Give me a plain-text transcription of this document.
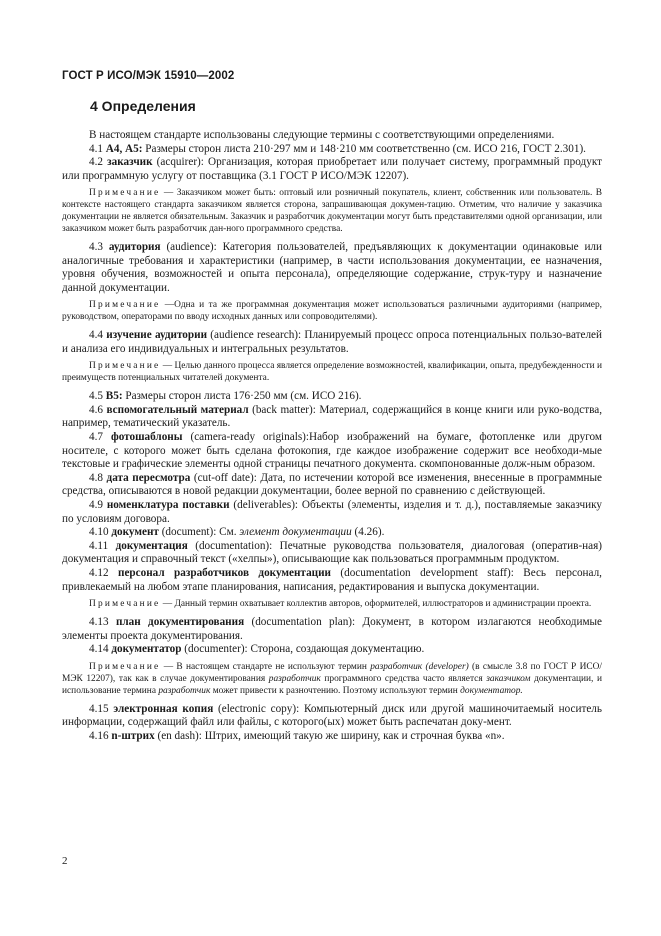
ГОСТ Р ИСО/МЭК 15910—2002
4 Определения

В настоящем стандарте использованы следующие термины с соответствующими определениями.

4.1 А4, А5: Размеры сторон листа 210·297 мм и 148·210 мм соответственно (см. ИСО 216, ГОСТ 2.301).

4.2 заказчик (acquirer): Организация, которая приобретает или получает систему, программный продукт или программную услугу от поставщика (3.1 ГОСТ Р ИСО/МЭК 12207).

Примечание — Заказчиком может быть: оптовый или розничный покупатель, клиент, собственник или пользователь. В контексте настоящего стандарта заказчиком является сторона, запрашивающая докумен-тацию. Отметим, что наличие у заказчика документации не является обязательным. Заказчик и разработчик документации могут быть представителями одной организации, или заказчиком может быть разработчик дан-ного программного средства.

4.3 аудитория (audience): Категория пользователей, предъявляющих к документации одинаковые или аналогичные требования и характеристики (например, в части использования документации, ее назначения, уровня обучения, возможностей и опыта персонала), определяющие содержание, струк-туру и назначение данной документации.

Примечание —Одна и та же программная документация может использоваться различными аудиториями (например, руководством, операторами по вводу исходных данных или сопроводителями).

4.4 изучение аудитории (audience research): Планируемый процесс опроса потенциальных пользо-вателей и анализа его индивидуальных и интегральных результатов.

Примечание — Целью данного процесса является определение возможностей, квалификации, опыта, предубежденности и преимуществ потенциальных читателей документа.

4.5 В5: Размеры сторон листа 176·250 мм (см. ИСО 216).

4.6 вспомогательный материал (back matter): Материал, содержащийся в конце книги или руко-водства, например, тематический указатель.

4.7 фотошаблоны (camera-ready originals):Набор изображений на бумаге, фотопленке или другом носителе, с которого может быть сделана фотокопия, где каждое изображение содержит все необходи-мые текстовые и графические элементы одной страницы печатного документа. скомпонованные долж-ным образом.

4.8 дата пересмотра (cut-off date): Дата, по истечении которой все изменения, внесенные в программные средства, описываются в новой редакции документации, более верной по сравнению с действующей.

4.9 номенклатура поставки (deliverables): Объекты (элементы, изделия и т. д.), поставляемые заказчику по условиям договора.

4.10 документ (document): См. элемент документации (4.26).

4.11 документация (documentation): Печатные руководства пользователя, диалоговая (оператив-ная) документация и справочный текст («хелпы»), описывающие как пользоваться программным продуктом.

4.12 персонал разработчиков документации (documentation development staff): Весь персонал, привлекаемый на любом этапе планирования, написания, редактирования и выпуска документации.

Примечание — Данный термин охватывает коллектив авторов, оформителей, иллюстраторов и администрации проекта.

4.13 план документирования (documentation plan): Документ, в котором излагаются необходимые элементы проекта документирования.

4.14 документатор (documenter): Сторона, создающая документацию.

Примечание — В настоящем стандарте не используют термин разработчик (developer) (в смысле 3.8 по ГОСТ Р ИСО/МЭК 12207), так как в случае документирования разработчик программного средства часто является заказчиком документации, и использование термина разработчик может привести к разночтению. Поэтому используют термин документатор.

4.15 электронная копия (electronic copy): Компьютерный диск или другой машиночитаемый носитель информации, содержащий файл или файлы, с которого(ых) может быть распечатан доку-мент.

4.16 n-штрих (en dash): Штрих, имеющий такую же ширину, как и строчная буква «n».

2
